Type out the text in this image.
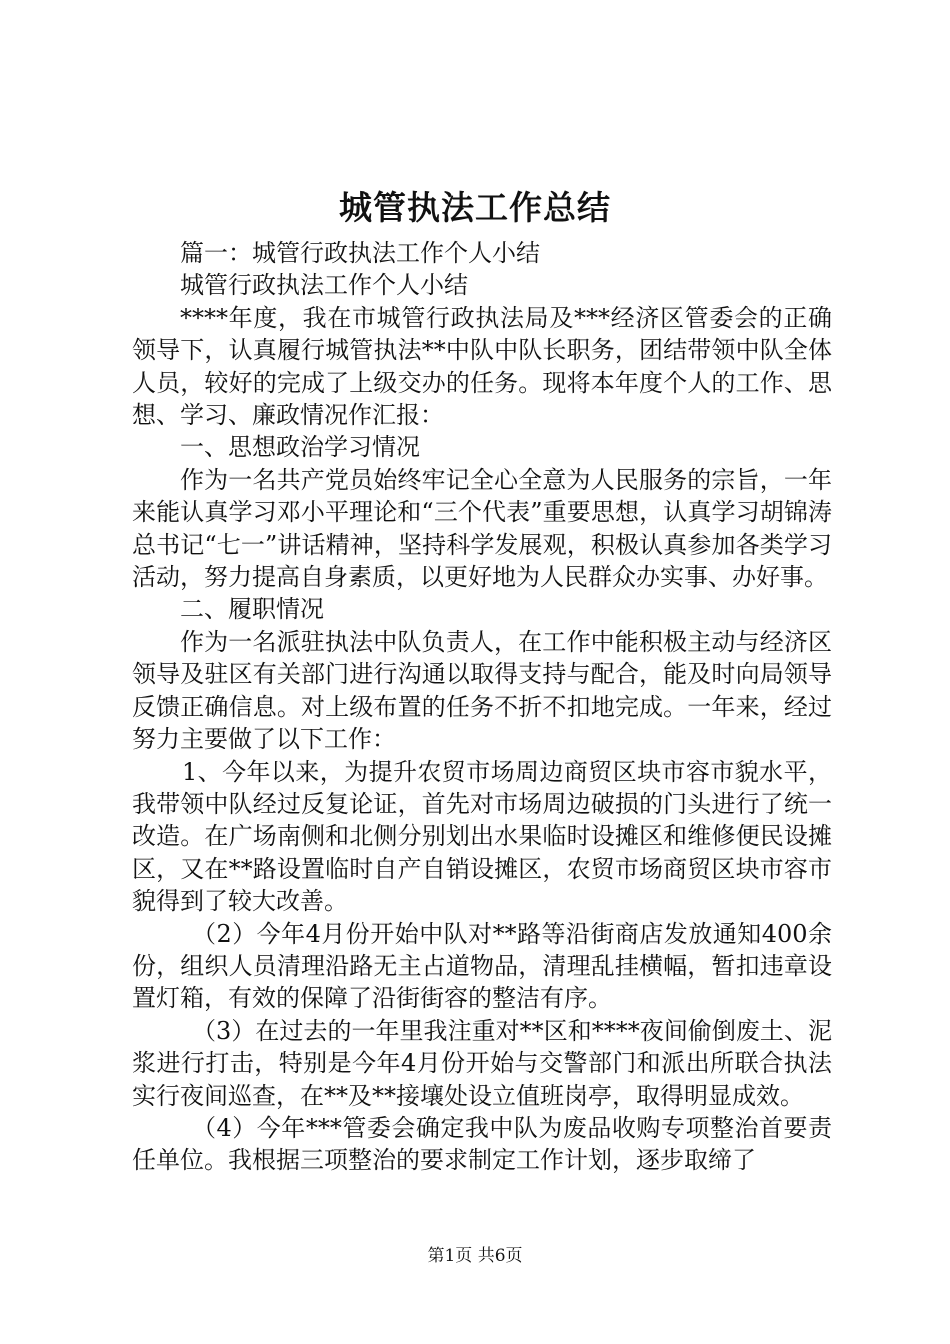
城管执法工作总结

篇一：城管行政执法工作个人小结

城管行政执法工作个人小结

****年度，我在市城管行政执法局及***经济区管委会的正确领导下，认真履行城管执法**中队中队长职务，团结带领中队全体人员，较好的完成了上级交办的任务。现将本年度个人的工作、思想、学习、廉政情况作汇报：

一、思想政治学习情况

作为一名共产党员始终牢记全心全意为人民服务的宗旨，一年来能认真学习邓小平理论和“三个代表”重要思想，认真学习胡锦涛总书记“七一”讲话精神，坚持科学发展观，积极认真参加各类学习活动，努力提高自身素质，以更好地为人民群众办实事、办好事。

二、履职情况

作为一名派驻执法中队负责人，在工作中能积极主动与经济区领导及驻区有关部门进行沟通以取得支持与配合，能及时向局领导反馈正确信息。对上级布置的任务不折不扣地完成。一年来，经过努力主要做了以下工作：

1、今年以来，为提升农贸市场周边商贸区块市容市貌水平，我带领中队经过反复论证，首先对市场周边破损的门头进行了统一改造。在广场南侧和北侧分别划出水果临时设摊区和维修便民设摊区，又在**路设置临时自产自销设摊区，农贸市场商贸区块市容市貌得到了较大改善。

（2）今年4月份开始中队对**路等沿街商店发放通知400余份，组织人员清理沿路无主占道物品，清理乱挂横幅，暂扣违章设置灯箱，有效的保障了沿街街容的整洁有序。

（3）在过去的一年里我注重对**区和****夜间偷倒废土、泥浆进行打击，特别是今年4月份开始与交警部门和派出所联合执法实行夜间巡查，在**及**接壤处设立值班岗亭，取得明显成效。

（4）今年***管委会确定我中队为废品收购专项整治首要责任单位。我根据三项整治的要求制定工作计划，逐步取缔了

第1页 共6页
